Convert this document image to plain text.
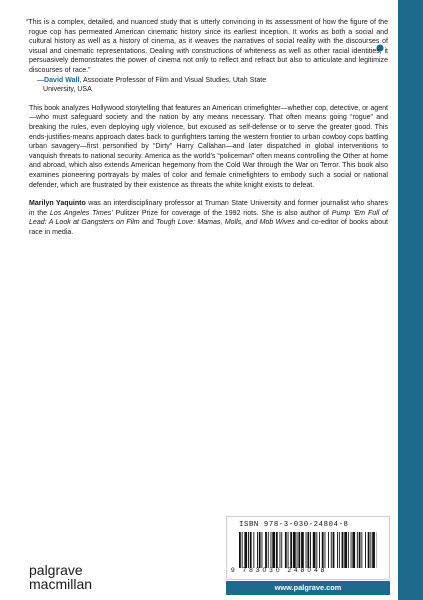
“This is a complex, detailed, and nuanced study that is utterly convincing in its assessment of how the figure of the rogue cop has permeated American cinematic history since its earliest inception. It works as both a social and cultural history as well as a history of cinema, as it weaves the narratives of social reality with the discourses of visual and cinematic representations. Dealing with constructions of whiteness as well as other racial identities, it persuasively demonstrates the power of cinema not only to reflect and refract but also to articulate and legitimize discourses of race.”

—David Wall, Associate Professor of Film and Visual Studies, Utah State

University, USA

This book analyzes Hollywood storytelling that features an American crimefighter—whether cop, detective, or agent—who must safeguard society and the nation by any means necessary. That often means going “rogue” and breaking the rules, even deploying ugly violence, but excused as self-defense or to serve the greater good. This ends-justifies-means approach dates back to gunfighters taming the western frontier to urban cowboy cops battling urban savagery—first personified by “Dirty” Harry Callahan—and later dispatched in global interventions to vanquish threats to national security. America as the world’s “policeman” often means controlling the Other at home and abroad, which also extends American hegemony from the Cold War through the War on Terror. This book also examines pioneering portrayals by males of color and female crimefighters to embody such a social or national defender, which are frustrated by their existence as threats the white knight exists to defeat.

Marilyn Yaquinto was an interdisciplinary professor at Truman State University and former journalist who shares in the Los Angeles Times’ Pulitzer Prize for coverage of the 1992 riots. She is also author of Pump ’Em Full of Lead: A Look at Gangsters on Film and Tough Love: Mamas, Molls, and Mob Wives and co-editor of books about race in media.

palgrave
macmillan
ISBN 978-3-030-24804-8
9 783030 248048
www.palgrave.com
